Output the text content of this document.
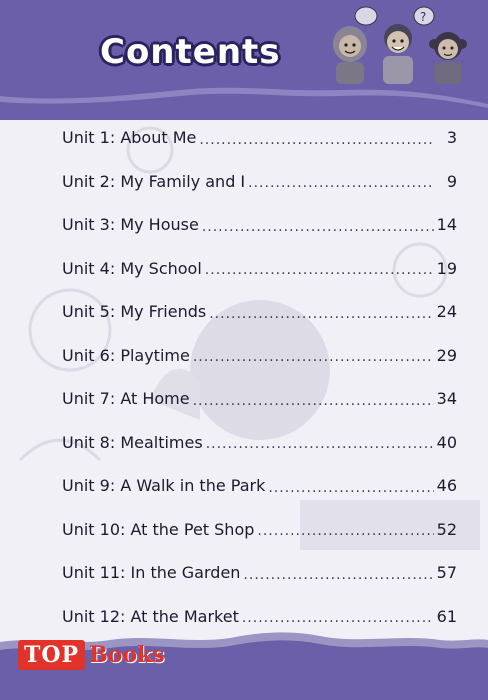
Contents
?
Unit 1: About Me .....	3
Unit 2: My Family and I .....	9
Unit 3: My House .....	14
Unit 4: My School .....	19
Unit 5: My Friends .....	24
Unit 6: Playtime .....	29
Unit 7: At Home .....	34
Unit 8: Mealtimes .....	40
Unit 9: A Walk in the Park .....	46
Unit 10: At the Pet Shop .....	52
Unit 11: In the Garden .....	57
Unit 12: At the Market .....	61
TOP Books
